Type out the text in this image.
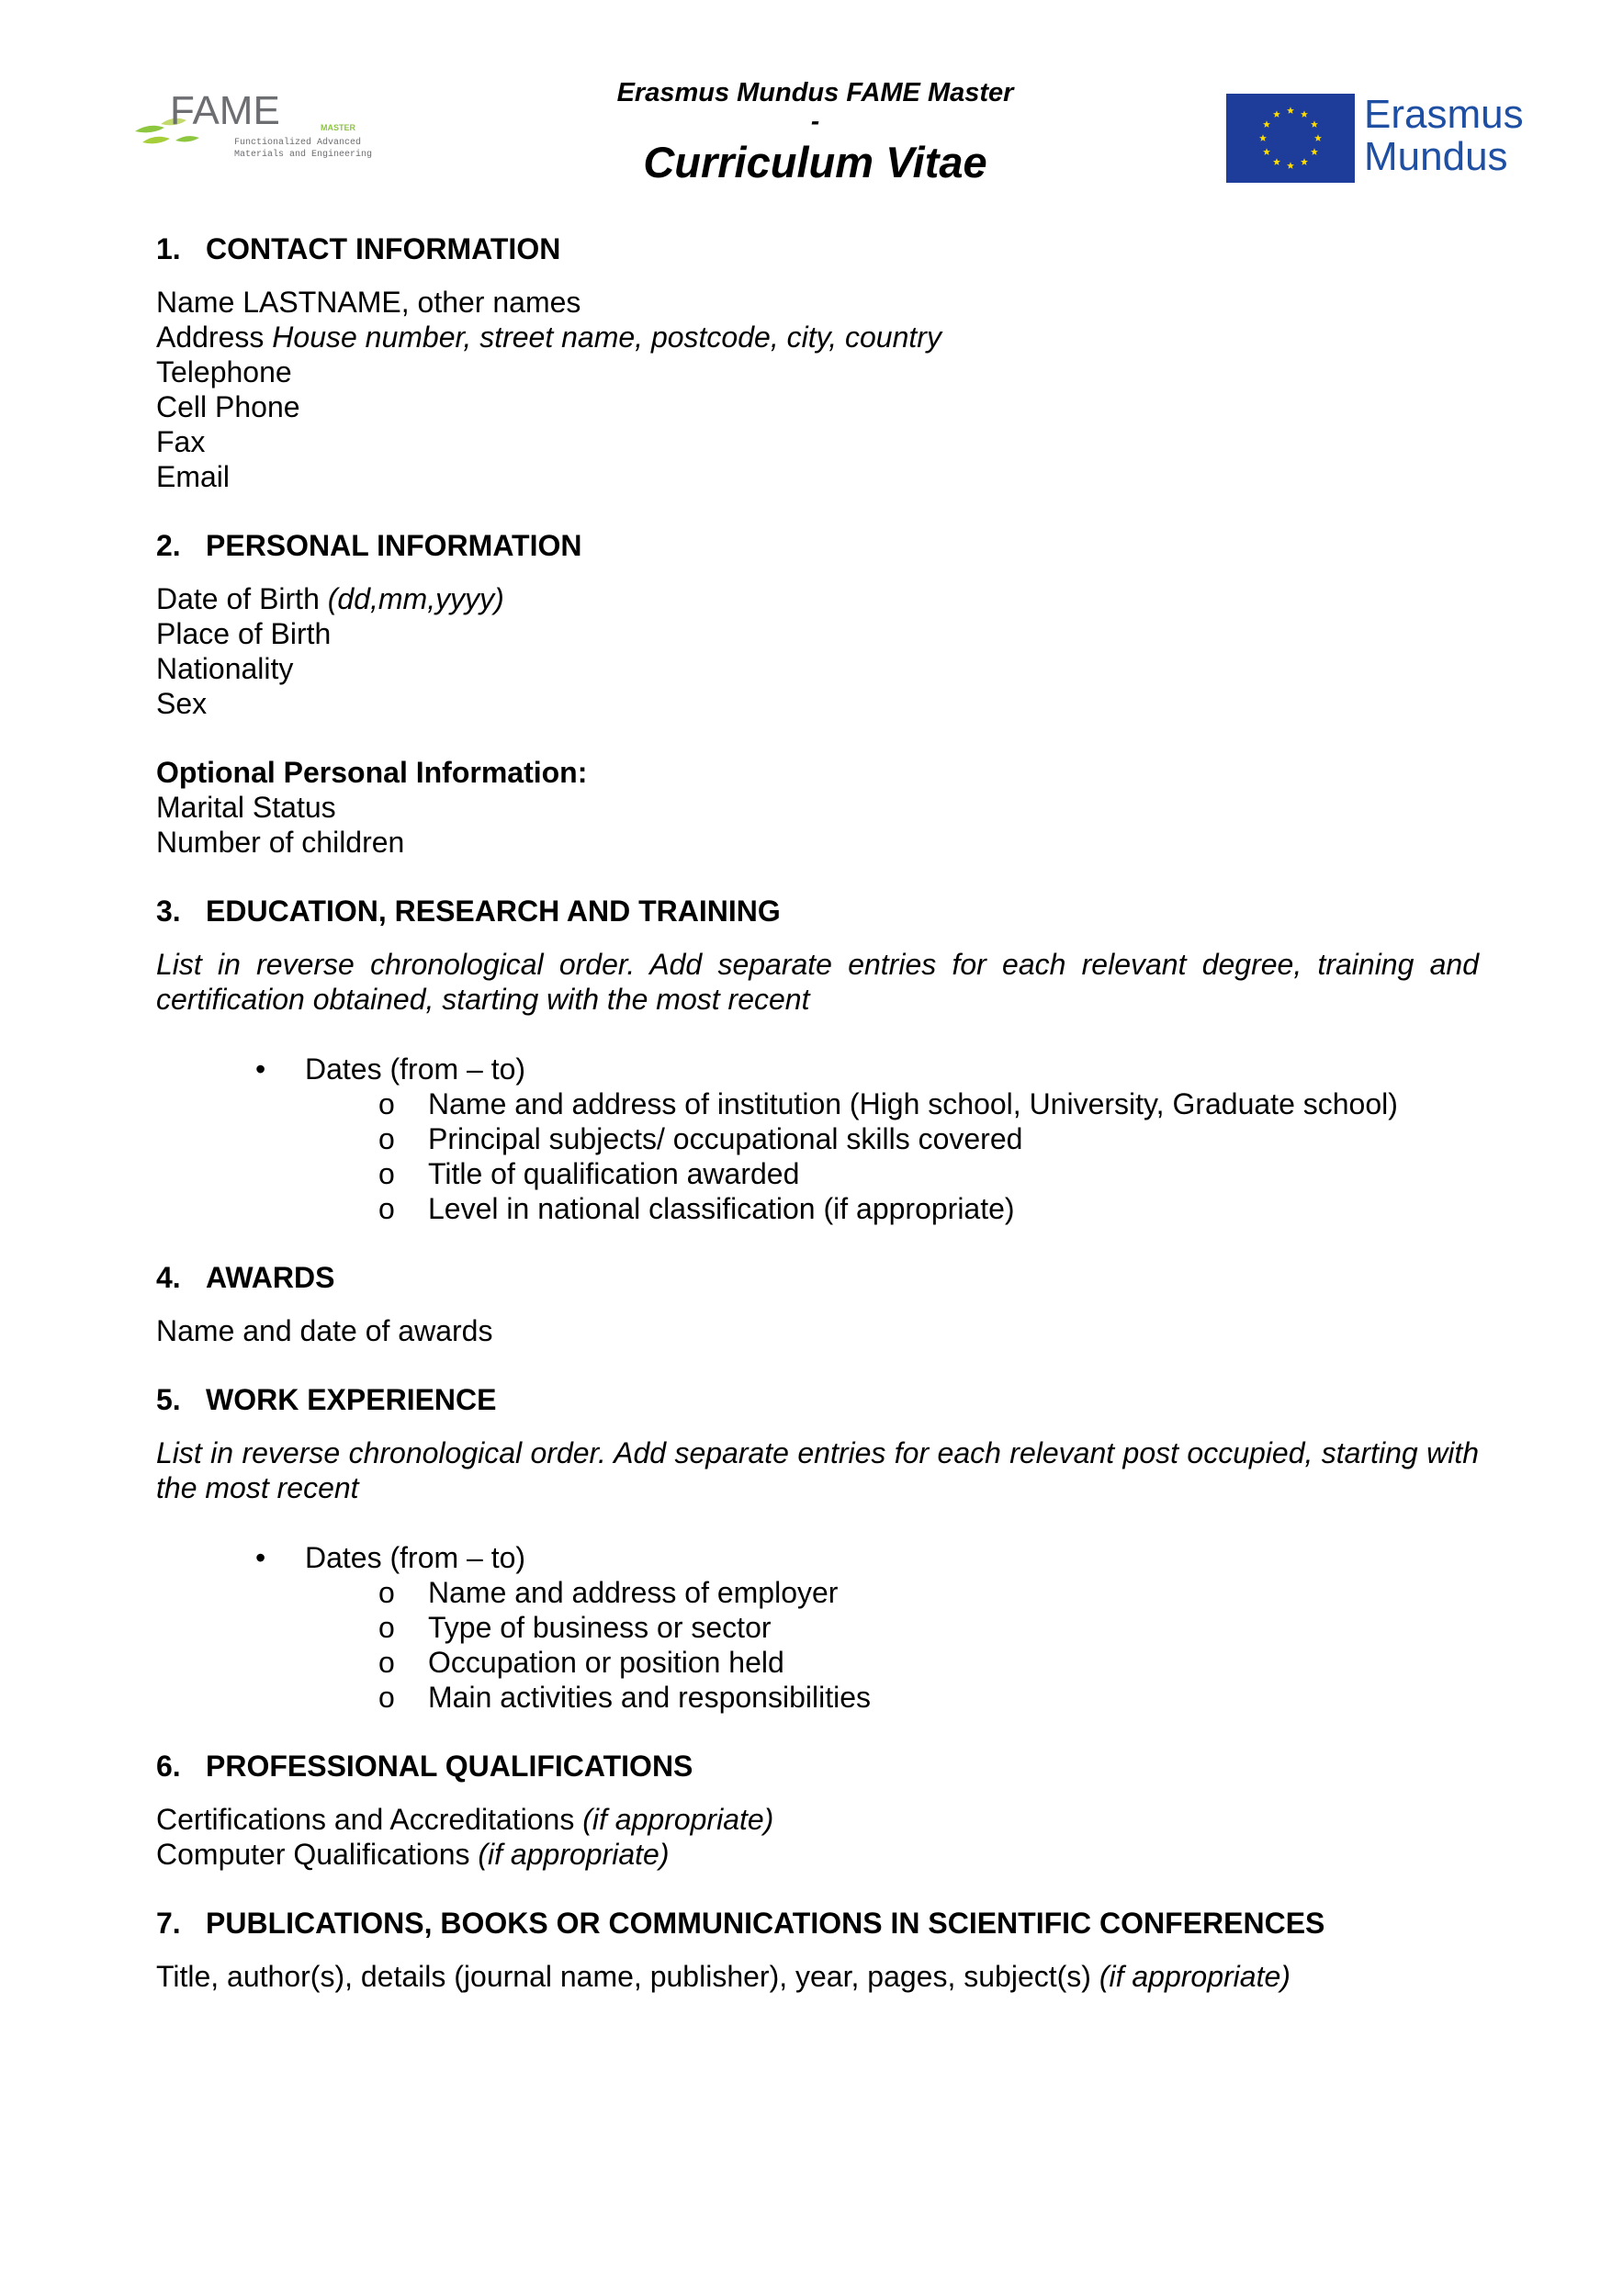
FAME	MASTER
Functionalized Advanced
Materials and Engineering
Erasmus Mundus FAME Master
-
Curriculum Vitae
Erasmus
Mundus
1. CONTACT INFORMATION

Name LASTNAME, other names

Address House number, street name, postcode, city, country

Telephone

Cell Phone

Fax

Email

2. PERSONAL INFORMATION

Date of Birth (dd,mm,yyyy)

Place of Birth

Nationality

Sex

Optional Personal Information:

Marital Status

Number of children

3. EDUCATION, RESEARCH AND TRAINING

List in reverse chronological order. Add separate entries for each relevant degree, training and certification obtained, starting with the most recent

• Dates (from – to)
o Name and address of institution (High school, University, Graduate school)
o Principal subjects/ occupational skills covered
o Title of qualification awarded
o Level in national classification (if appropriate)
4. AWARDS

Name and date of awards

5. WORK EXPERIENCE

List in reverse chronological order. Add separate entries for each relevant post occupied, starting with the most recent

• Dates (from – to)
o Name and address of employer
o Type of business or sector
o Occupation or position held
o Main activities and responsibilities
6. PROFESSIONAL QUALIFICATIONS

Certifications and Accreditations (if appropriate)

Computer Qualifications (if appropriate)

7. PUBLICATIONS, BOOKS OR COMMUNICATIONS IN SCIENTIFIC CONFERENCES

Title, author(s), details (journal name, publisher), year, pages, subject(s) (if appropriate)
